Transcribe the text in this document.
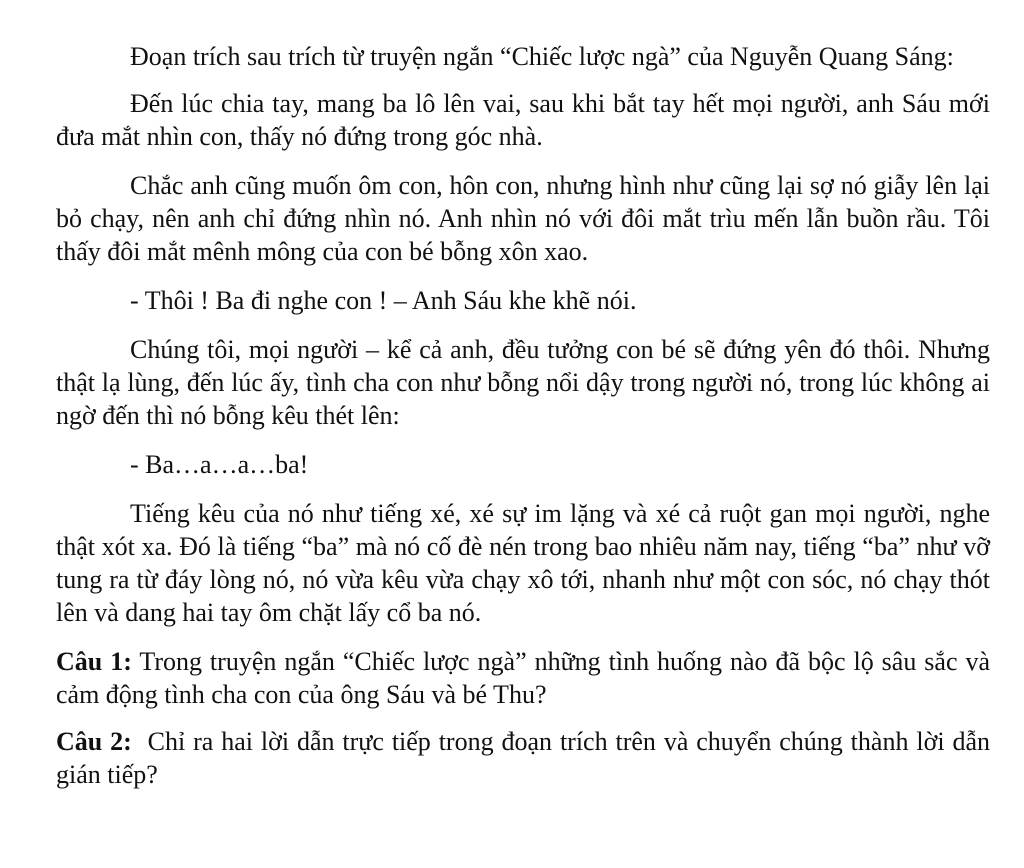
Đoạn trích sau trích từ truyện ngắn “Chiếc lược ngà” của Nguyễn Quang Sáng:

Đến lúc chia tay, mang ba lô lên vai, sau khi bắt tay hết mọi người, anh Sáu mới đưa mắt nhìn con, thấy nó đứng trong góc nhà.

Chắc anh cũng muốn ôm con, hôn con, nhưng hình như cũng lại sợ nó giẫy lên lại bỏ chạy, nên anh chỉ đứng nhìn nó. Anh nhìn nó với đôi mắt trìu mến lẫn buồn rầu. Tôi thấy đôi mắt mênh mông của con bé bỗng xôn xao.

- Thôi ! Ba đi nghe con ! – Anh Sáu khe khẽ nói.

Chúng tôi, mọi người – kể cả anh, đều tưởng con bé sẽ đứng yên đó thôi. Nhưng thật lạ lùng, đến lúc ấy, tình cha con như bỗng nổi dậy trong người nó, trong lúc không ai ngờ đến thì nó bỗng kêu thét lên:

- Ba…a…a…ba!

Tiếng kêu của nó như tiếng xé, xé sự im lặng và xé cả ruột gan mọi người, nghe thật xót xa. Đó là tiếng “ba” mà nó cố đè nén trong bao nhiêu năm nay, tiếng “ba” như vỡ tung ra từ đáy lòng nó, nó vừa kêu vừa chạy xô tới, nhanh như một con sóc, nó chạy thót lên và dang hai tay ôm chặt lấy cổ ba nó.

Câu 1: Trong truyện ngắn “Chiếc lược ngà” những tình huống nào đã bộc lộ sâu sắc và cảm động tình cha con của ông Sáu và bé Thu?

Câu 2:  Chỉ ra hai lời dẫn trực tiếp trong đoạn trích trên và chuyển chúng thành lời dẫn gián tiếp?
